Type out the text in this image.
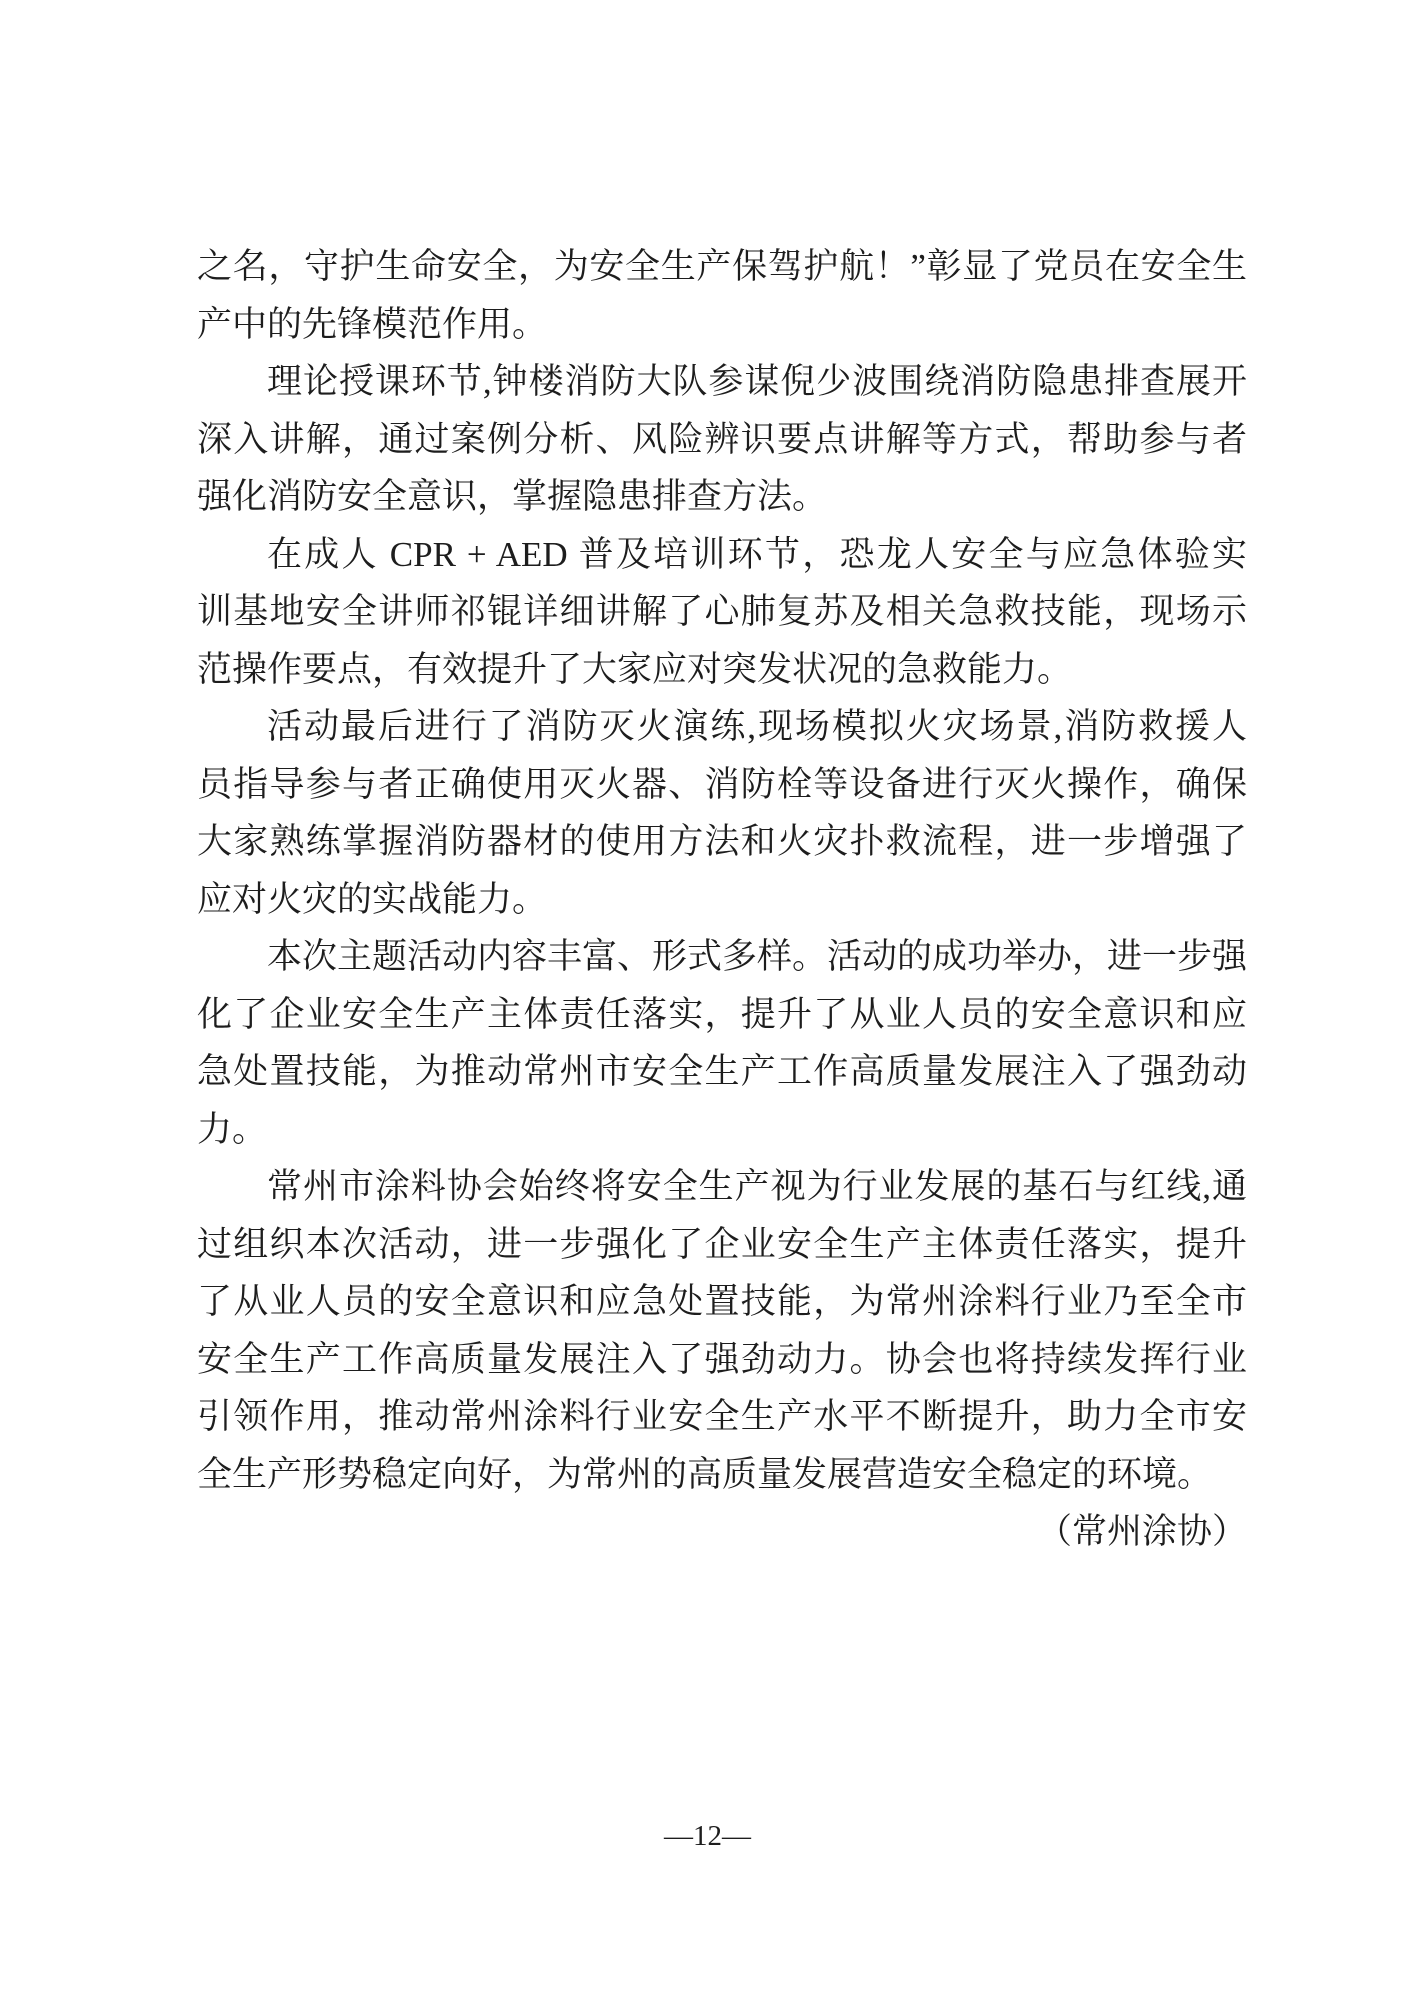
之名，守护生命安全，为安全生产保驾护航！”彰显了党员在安全生
产中的先锋模范作用。
理论授课环节,钟楼消防大队参谋倪少波围绕消防隐患排查展开
深入讲解，通过案例分析、风险辨识要点讲解等方式，帮助参与者
强化消防安全意识，掌握隐患排查方法。
在成人 CPR + AED 普及培训环节，恐龙人安全与应急体验实
训基地安全讲师祁锟详细讲解了心肺复苏及相关急救技能，现场示
范操作要点，有效提升了大家应对突发状况的急救能力。
活动最后进行了消防灭火演练,现场模拟火灾场景,消防救援人
员指导参与者正确使用灭火器、消防栓等设备进行灭火操作，确保
大家熟练掌握消防器材的使用方法和火灾扑救流程，进一步增强了
应对火灾的实战能力。
本次主题活动内容丰富、形式多样。活动的成功举办，进一步强
化了企业安全生产主体责任落实，提升了从业人员的安全意识和应
急处置技能，为推动常州市安全生产工作高质量发展注入了强劲动
力。
常州市涂料协会始终将安全生产视为行业发展的基石与红线,通
过组织本次活动，进一步强化了企业安全生产主体责任落实，提升
了从业人员的安全意识和应急处置技能，为常州涂料行业乃至全市
安全生产工作高质量发展注入了强劲动力。协会也将持续发挥行业
引领作用，推动常州涂料行业安全生产水平不断提升，助力全市安
全生产形势稳定向好，为常州的高质量发展营造安全稳定的环境。
（常州涂协）
—12—
